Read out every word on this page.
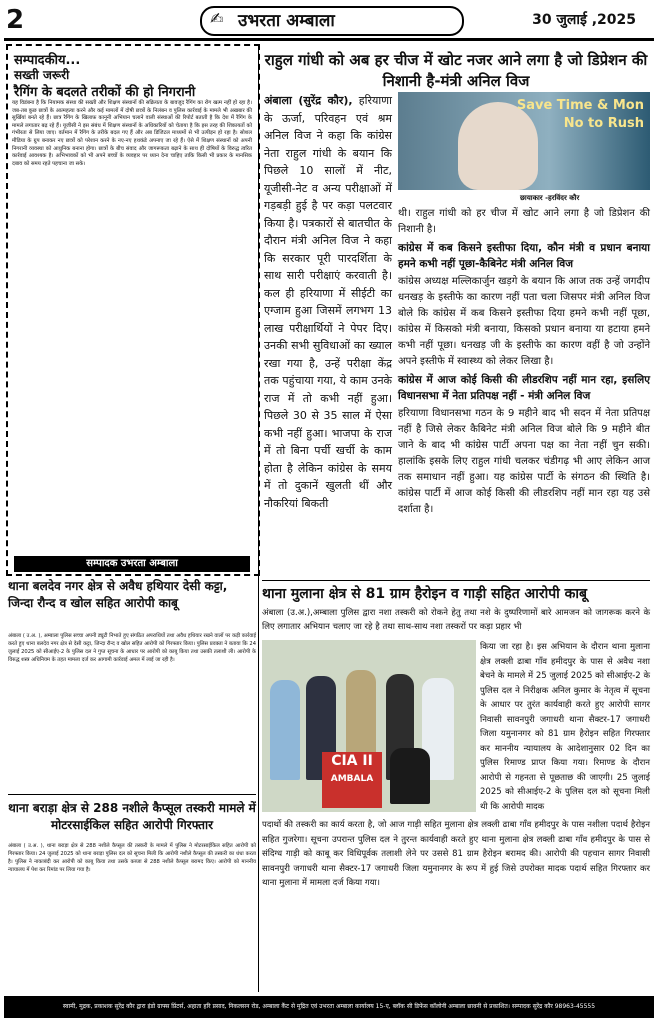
2	✍ उभरता अम्बाला	30 जुलाई ,2025
सम्पादकीय...
सख्ती जरूरी
रैगिंग के बदलते तरीकों की हो निगरानी
यह विडंबना है कि नियामक संस्था की सख्ती और शिक्षण संस्थानों की सक्रियता के बावजूद रैगिंग का रोग खत्म नहीं हो रहा है। जब-तब कुछ छात्रों के आत्महत्या करने और कई मामलों में दोषी छात्रों के निलंबन व पुलिस कार्रवाई के मामले भी अखबार की सुर्खियां बनते रहे हैं। छात्र रैगिंग के खिलाफ़ कानूनी अभियान चलाने वाली संस्थाओं की रिपोर्ट बताती है कि देश में रैगिंग के मामले लगातार बढ़ रहे हैं। यूजीसी ने इस संबंध में शिक्षण संस्थानों के अधिकारियों को चेताया है कि इस तरह की शिकायतों को गंभीरता से लिया जाए। वर्तमान में रैगिंग के तरीके बदल गए हैं और अब डिजिटल माध्यमों से भी उत्पीड़न हो रहा है। सोशल मीडिया के ग्रुप बनाकर नए छात्रों को परेशान करने के नए-नए हथकंडे अपनाए जा रहे हैं। ऐसे में शिक्षण संस्थानों को अपनी निगरानी व्यवस्था को आधुनिक बनाना होगा। छात्रों के बीच संवाद और जागरूकता बढ़ाने के साथ ही दोषियों के विरुद्ध त्वरित कार्रवाई आवश्यक है। अभिभावकों को भी अपने बच्चों के व्यवहार पर ध्यान देना चाहिए ताकि किसी भी प्रकार के मानसिक दबाव को समय रहते पहचाना जा सके।
सम्पादक उभरता अम्बाला
थाना बलदेव नगर क्षेत्र से अवैध हथियार देसी कट्टा, जिन्दा रौन्द व खोल सहित आरोपी काबू
अंबाला ( उ.अ. ), अम्बाला पुलिस सच्चा अपनी ड्यूटी निभाते हुए संगठित अपराधियों तथा अवैध हथियार रखने वालों पर कड़ी कार्रवाई करते हुए थाना बलदेव नगर क्षेत्र से देसी कट्टा, जिन्दा रौन्द व खोल सहित आरोपी को गिरफ्तार किया। पुलिस प्रवक्ता ने बताया कि 24 जुलाई 2025 को सीआईए-2 के पुलिस दल ने गुप्त सूचना के आधार पर आरोपी को काबू किया तथा उसकी तलाशी ली। आरोपी के विरुद्ध शस्त्र अधिनियम के तहत मामला दर्ज कर आगामी कार्रवाई अमल में लाई जा रही है।
थाना बराड़ा क्षेत्र से 288 नशीले कैप्सूल तस्करी मामले में मोटरसाईकिल सहित आरोपी गिरफ्तार
अंबाला ( उ.अ. ), थाना बराड़ा क्षेत्र से 288 नशीले कैप्सूल की तस्करी के मामले में पुलिस ने मोटरसाईकिल सहित आरोपी को गिरफ्तार किया। 24 जुलाई 2025 को थाना बराड़ा पुलिस दल को सूचना मिली कि आरोपी नशीले कैप्सूल की तस्करी का धंधा करता है। पुलिस ने नाकाबंदी कर आरोपी को काबू किया तथा उसके कब्जा से 288 नशीले कैप्सूल बरामद किए। आरोपी को माननीय न्यायालय में पेश कर रिमांड पर लिया गया है।
राहुल गांधी को अब हर चीज में खोट नजर आने लगा है जो डिप्रेशन की निशानी है-मंत्री अनिल विज
अंबाला (सुरेंद्र कौर), हरियाणा के ऊर्जा, परिवहन एवं श्रम अनिल विज ने कहा कि कांग्रेस नेता राहुल गांधी के बयान कि पिछले 10 सालों में नीट, यूजीसी-नेट व अन्य परीक्षाओं में गड़बड़ी हुई है पर कड़ा पलटवार किया है। पत्रकारों से बातचीत के दौरान मंत्री अनिल विज ने कहा कि सरकार पूरी पारदर्शिता के साथ सारी परीक्षाएं करवाती है। कल ही हरियाणा में सीईटी का एग्जाम हुआ जिसमें लगभग 13 लाख परीक्षार्थियों ने पेपर दिए। उनकी सभी सुविधाओं का ख्याल रखा गया है, उन्हें परीक्षा केंद्र तक पहुंचाया गया, ये काम उनके राज में तो कभी नहीं हुआ। पिछले 30 से 35 साल में ऐसा कभी नहीं हुआ। भाजपा के राज में तो बिना पर्ची खर्ची के काम होता है लेकिन कांग्रेस के समय में तो दुकानें खुलती थीं और नौकरियां बिकती
Save Time & Mon
No to Rush
छायाकार -हरविंदर कौर
थी। राहुल गांधी को हर चीज में खोट आने लगा है जो डिप्रेशन की निशानी है।
कांग्रेस में कब किसने इस्तीफा दिया, कौन मंत्री व प्रधान बनाया हमने कभी नहीं पूछा-कैबिनेट मंत्री अनिल विज
कांग्रेस अध्यक्ष मल्लिकार्जुन खड़गे के बयान कि आज तक उन्हें जगदीप धनखड़ के इस्तीफे का कारण नहीं पता चला जिसपर मंत्री अनिल विज बोले कि कांग्रेस में कब किसने इस्तीफा दिया हमने कभी नहीं पूछा, कांग्रेस में किसको मंत्री बनाया, किसको प्रधान बनाया या हटाया हमने कभी नहीं पूछा। धनखड़ जी के इस्तीफे का कारण वहीं है जो उन्होंने अपने इस्तीफे में स्वास्थ्य को लेकर लिखा है।
कांग्रेस में आज कोई किसी की लीडरशिप नहीं मान रहा, इसलिए विधानसभा में नेता प्रतिपक्ष नहीं - मंत्री अनिल विज
हरियाणा विधानसभा गठन के 9 महीने बाद भी सदन में नेता प्रतिपक्ष नहीं है जिसे लेकर कैबिनेट मंत्री अनिल विज बोले कि 9 महीने बीत जाने के बाद भी कांग्रेस पार्टी अपना पक्ष का नेता नहीं चुन सकी। हालांकि इसके लिए राहुल गांधी चलकर चंडीगढ़ भी आए लेकिन आज तक समाधान नहीं हुआ। यह कांग्रेस पार्टी के संगठन की स्थिति है। कांग्रेस पार्टी में आज कोई किसी की लीडरशिप नहीं मान रहा यह उसे दर्शाता है।
थाना मुलाना क्षेत्र से 81 ग्राम हैरोइन व गाड़ी सहित आरोपी काबू
अंबाला (उ.अ.),अम्बाला पुलिस द्वारा नशा तस्करी को रोकने हेतु तथा नशे के दुष्परिणामों बारे आमजन को जागरूक करने के लिए लगातार अभियान चलाए जा रहे है तथा साथ-साथ नशा तस्करों पर कड़ा प्रहार भी
CIA II
AMBALA
किया जा रहा है। इस अभियान के दौरान थाना मुलाना क्षेत्र लक्ली ढाबा गाँव हमीदपुर के पास से अवैध नशा बेचने के मामले में 25 जुलाई 2025 को सीआईए-2 के पुलिस दल ने निरीक्षक अनिल कुमार के नेतृत्व में सूचना के आधार पर तुरंत कार्यवाही करते हुए आरोपी सागर निवासी सावनपुरी जगाधरी थाना सैक्टर-17 जगाधरी जिला यमुनानगर को 81 ग्राम हैरोइन सहित गिरफ्तार कर माननीय न्यायालय के आदेशानुसार 02 दिन का पुलिस रिमाण्ड प्राप्त किया गया। रिमाण्ड के दौरान आरोपी से गहनता से पूछताछ की जाएगी। 25 जुलाई 2025 को सीआईए-2 के पुलिस दल को सूचना मिली थी कि आरोपी मादक
पदार्थो की तस्करी का कार्य करता है, जो आज गाड़ी सहित मुलाना क्षेत्र लक्ली ढाबा गाँव हमीदपुर के पास नशीला पदार्थ हैरोइन सहित गुजरेगा। सूचना उपरान्त पुलिस दल ने तुरन्त कार्यवाही करते हुए थाना मुलाना क्षेत्र लक्ली ढाबा गाँव हमीदपुर के पास से संदिग्ध गाड़ी को काबू कर विधिपूर्वक तलाशी लेने पर उससे 81 ग्राम हैरोइन बरामद की। आरोपी की पहचान सागर निवासी सावनपुरी जगाधरी थाना सैक्टर-17 जगाधरी जिला यमुनानगर के रूप में हुई जिसे उपरोक्त मादक पदार्थ सहित गिरफ्तार कर थाना मुलाना में मामला दर्ज किया गया।
स्वामी, मुद्रक, प्रकाशक सुरेंद्र कौर द्वारा इंडो ग्राफ्स प्रिंटर्स, अहाता हरि प्रसाद, निकलसन रोड, अम्बाला कैंट से मुद्रित एवं उभरता अम्बाला कार्यालय 15-ए, ब्लॉक सी डिफेंस कॉलोनी अम्बाला छावनी से प्रकाशित। सम्पादक सुरेंद्र कौर 98963-45555
